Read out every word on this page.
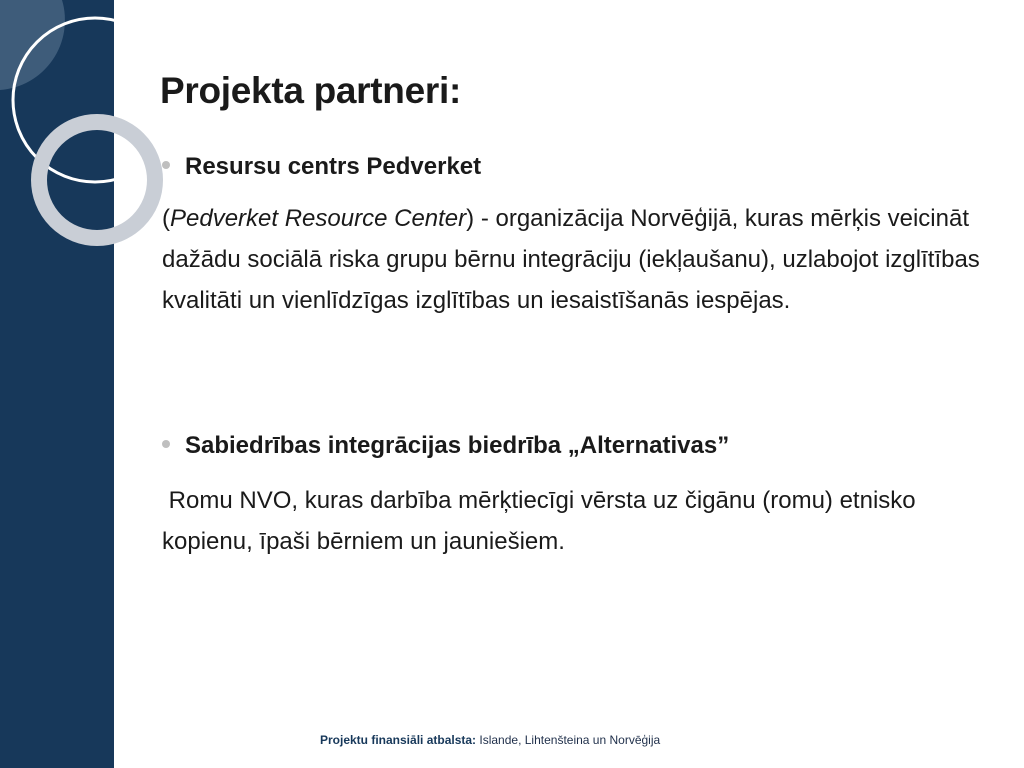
Projekta partneri:
Resursu centrs Pedverket

(Pedverket Resource Center) - organizācija Norvēģijā, kuras mērķis veicināt dažādu sociālā riska grupu bērnu integrāciju (iekļaušanu), uzlabojot izglītības kvalitāti un vienlīdzīgas izglītības un iesaistīšanās iespējas.

Sabiedrības integrācijas biedrība „Alternativas”

Romu NVO, kuras darbība mērķtiecīgi vērsta uz čigānu (romu) etnisko kopienu, īpaši bērniem un jauniešiem.

Projektu finansiāli atbalsta: Islande, Lihtenšteina un Norvēģija
